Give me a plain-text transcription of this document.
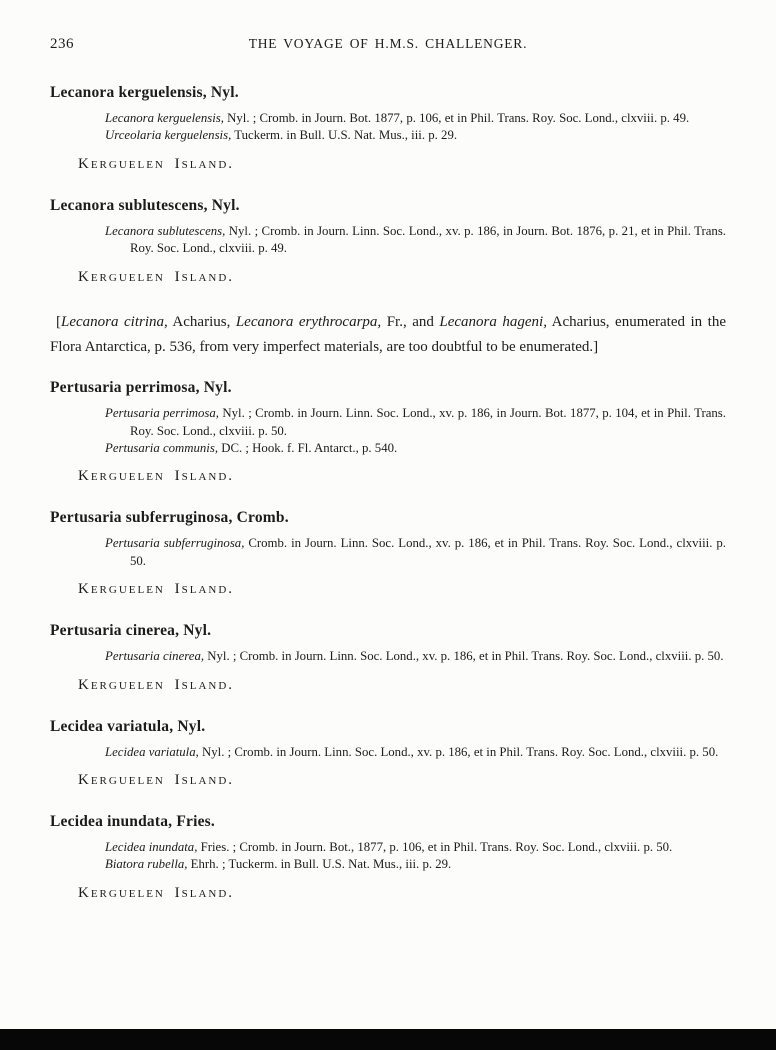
236	THE VOYAGE OF H.M.S. CHALLENGER.
Lecanora kerguelensis, Nyl.

Lecanora kerguelensis, Nyl. ; Cromb. in Journ. Bot. 1877, p. 106, et in Phil. Trans. Roy. Soc. Lond., clxviii. p. 49.

Urceolaria kerguelensis, Tuckerm. in Bull. U.S. Nat. Mus., iii. p. 29.

Kerguelen Island.

Lecanora sublutescens, Nyl.

Lecanora sublutescens, Nyl. ; Cromb. in Journ. Linn. Soc. Lond., xv. p. 186, in Journ. Bot. 1876, p. 21, et in Phil. Trans. Roy. Soc. Lond., clxviii. p. 49.

Kerguelen Island.

[Lecanora citrina, Acharius, Lecanora erythrocarpa, Fr., and Lecanora hageni, Acharius, enumerated in the Flora Antarctica, p. 536, from very imperfect materials, are too doubtful to be enumerated.]

Pertusaria perrimosa, Nyl.

Pertusaria perrimosa, Nyl. ; Cromb. in Journ. Linn. Soc. Lond., xv. p. 186, in Journ. Bot. 1877, p. 104, et in Phil. Trans. Roy. Soc. Lond., clxviii. p. 50.

Pertusaria communis, DC. ; Hook. f. Fl. Antarct., p. 540.

Kerguelen Island.

Pertusaria subferruginosa, Cromb.

Pertusaria subferruginosa, Cromb. in Journ. Linn. Soc. Lond., xv. p. 186, et in Phil. Trans. Roy. Soc. Lond., clxviii. p. 50.

Kerguelen Island.

Pertusaria cinerea, Nyl.

Pertusaria cinerea, Nyl. ; Cromb. in Journ. Linn. Soc. Lond., xv. p. 186, et in Phil. Trans. Roy. Soc. Lond., clxviii. p. 50.

Kerguelen Island.

Lecidea variatula, Nyl.

Lecidea variatula, Nyl. ; Cromb. in Journ. Linn. Soc. Lond., xv. p. 186, et in Phil. Trans. Roy. Soc. Lond., clxviii. p. 50.

Kerguelen Island.

Lecidea inundata, Fries.

Lecidea inundata, Fries. ; Cromb. in Journ. Bot., 1877, p. 106, et in Phil. Trans. Roy. Soc. Lond., clxviii. p. 50.

Biatora rubella, Ehrh. ; Tuckerm. in Bull. U.S. Nat. Mus., iii. p. 29.

Kerguelen Island.
